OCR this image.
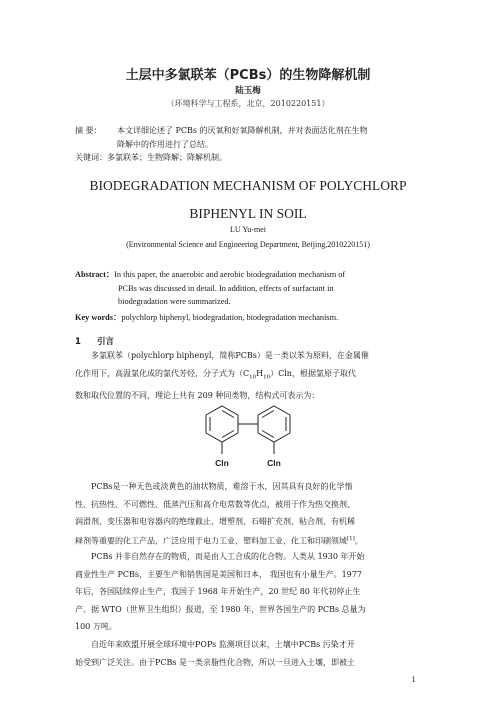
土层中多氯联苯（PCBs）的生物降解机制
陆玉梅
（环境科学与工程系，北京，2010220151）
摘 要： 本文详细论述了 PCBs 的厌氧和好氧降解机制，并对表面活化剂在生物
降解中的作用进行了总结。
关键词：多氯联苯；生物降解；降解机制。
BIODEGRADATION MECHANISM OF POLYCHLORP
BIPHENYL IN SOIL
LU Yu-mei
(Environmental Science and Engineering Department, Beijing,2010220151)
Abstract：In this paper, the anaerobic and aerobic biodegradation mechanism of
PCBs was discussed in detail. In addition, effects of surfactant in
biodegradation were summarized.
Key words：polychlorp biphenyl, biodegradation, biodegradation mechanism.
1 引言
多氯联苯（polychlorp biphenyl，简称PCBs）是一类以苯为原料，在金属催
化作用下，高温氯化成的氯代芳烃，分子式为$(C_{10}H_{10})Cln$，根据氯原子取代
数和取代位置的不同，理论上共有 209 种同类物，结构式可表示为：
Cln	Cln
PCBs是一种无色或淡黄色的油状物质，难溶于水，因其具有良好的化学惰
性、抗热性、不可燃性、低蒸汽压和高介电常数等优点，被用于作为热交换剂、
润滑剂、变压器和电容器内的绝缘截止、增塑剂、石蜡扩充剂、粘合剂、有机稀
释剂等重要的化工产品，广泛应用于电力工业、塑料加工业、化工和印刷领域[1]。
PCBs 并非自然存在的物质，而是由人工合成的化合物。人类从 1930 年开始
商业性生产 PCBs，主要生产和销售国是美国和日本， 我国也有小量生产。1977
年后，各国陆续停止生产，我国于 1968 年开始生产，20 世纪 80 年代初停止生
产。据 WTO（世界卫生组织）报道，至 1980 年，世界各国生产的 PCBs 总量为
100 万吨。
自近年来欧盟开展全球环境中POPs 监测项目以来，土壤中PCBs 污染才开
始受到广泛关注。由于PCBs 是一类亲脂性化合物，所以一旦进入土壤，即被土
1
